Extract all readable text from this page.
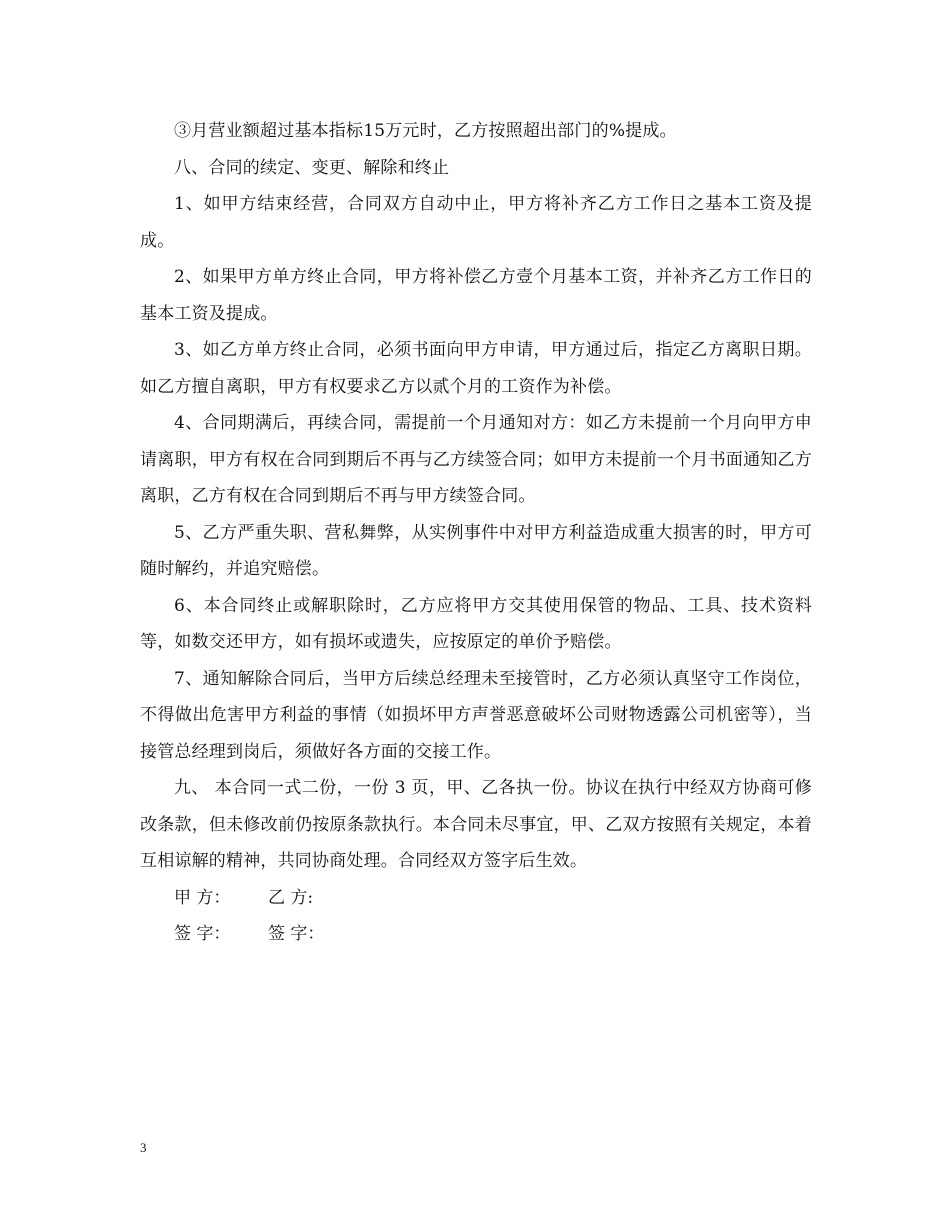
③月营业额超过基本指标15万元时，乙方按照超出部门的%提成。

八、合同的续定、变更、解除和终止

1、如甲方结束经营，合同双方自动中止，甲方将补齐乙方工作日之基本工资及提成。

2、如果甲方单方终止合同，甲方将补偿乙方壹个月基本工资，并补齐乙方工作日的基本工资及提成。

3、如乙方单方终止合同，必须书面向甲方申请，甲方通过后，指定乙方离职日期。如乙方擅自离职，甲方有权要求乙方以贰个月的工资作为补偿。

4、合同期满后，再续合同，需提前一个月通知对方：如乙方未提前一个月向甲方申请离职，甲方有权在合同到期后不再与乙方续签合同；如甲方未提前一个月书面通知乙方离职，乙方有权在合同到期后不再与甲方续签合同。

5、乙方严重失职、营私舞弊，从实例事件中对甲方利益造成重大损害的时，甲方可随时解约，并追究赔偿。

6、本合同终止或解职除时，乙方应将甲方交其使用保管的物品、工具、技术资料等，如数交还甲方，如有损坏或遗失，应按原定的单价予赔偿。

7、通知解除合同后，当甲方后续总经理未至接管时，乙方必须认真坚守工作岗位，不得做出危害甲方利益的事情（如损坏甲方声誉恶意破坏公司财物透露公司机密等），当接管总经理到岗后，须做好各方面的交接工作。

九、 本合同一式二份，一份 3 页，甲、乙各执一份。协议在执行中经双方协商可修改条款，但未修改前仍按原条款执行。本合同未尽事宜，甲、乙双方按照有关规定，本着互相谅解的精神，共同协商处理。合同经双方签字后生效。

甲 方： 乙 方:
签 字： 签 字：
3
